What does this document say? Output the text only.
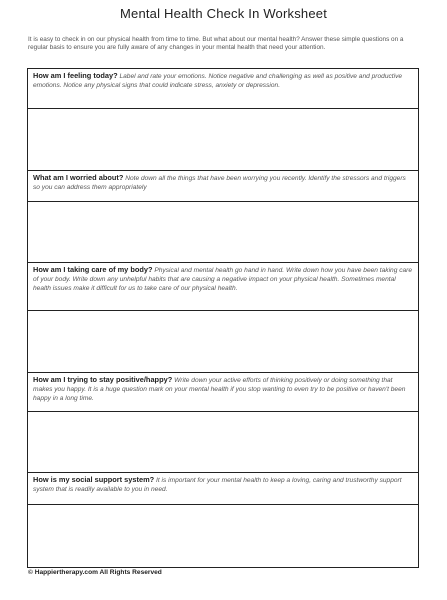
Mental Health Check In Worksheet
It is easy to check in on our physical health from time to time. But what about our mental health? Answer these simple questions on a regular basis to ensure you are fully aware of any changes in your mental health that need your attention.
How am I feeling today? Label and rate your emotions. Notice negative and challenging as well as positive and productive emotions. Notice any physical signs that could indicate stress, anxiety or depression.
What am I worried about? Note down all the things that have been worrying you recently. Identify the stressors and triggers so you can address them appropriately
How am I taking care of my body? Physical and mental health go hand in hand. Write down how you have been taking care of your body. Write down any unhelpful habits that are causing a negative impact on your physical health. Sometimes mental health issues make it difficult for us to take care of our physical health.
How am I trying to stay positive/happy? Write down your active efforts of thinking positively or doing something that makes you happy. It is a huge question mark on your mental health if you stop wanting to even try to be positive or haven't been happy in a long time.
How is my social support system? It is important for your mental health to keep a loving, caring and trustworthy support system that is readily available to you in need.
© Happiertherapy.com All Rights Reserved
